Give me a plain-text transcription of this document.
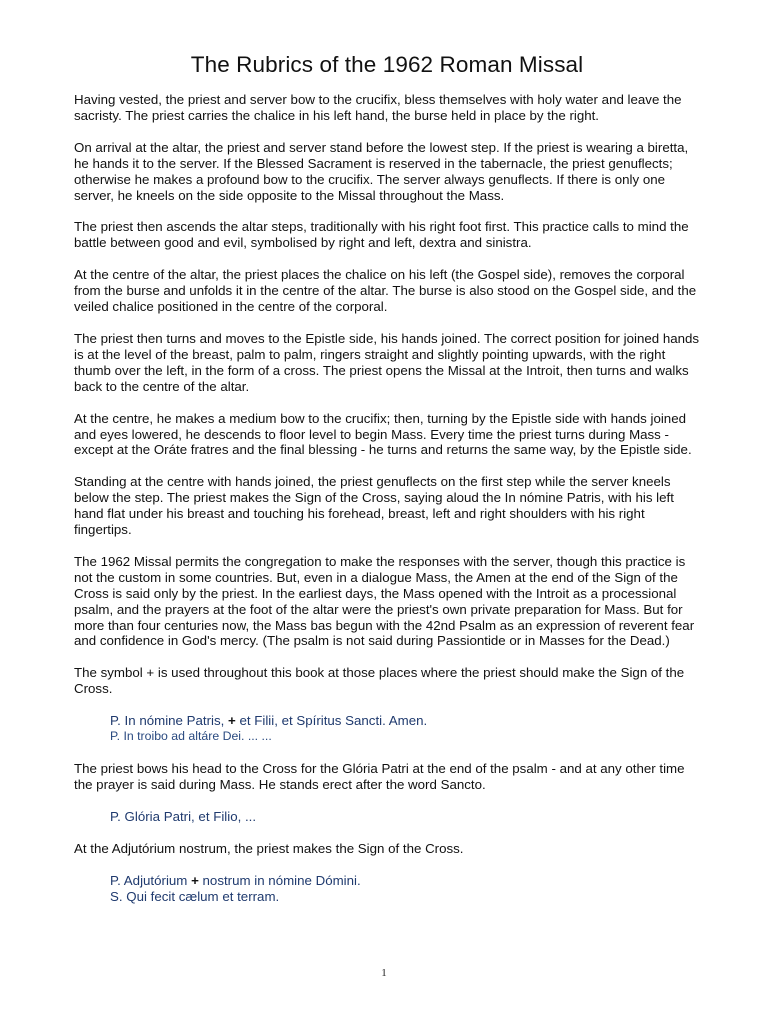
The Rubrics of the 1962 Roman Missal

Having vested, the priest and server bow to the crucifix, bless themselves with holy water and leave the sacristy. The priest carries the chalice in his left hand, the burse held in place by the right.

On arrival at the altar, the priest and server stand before the lowest step. If the priest is wearing a biretta, he hands it to the server. If the Blessed Sacrament is reserved in the tabernacle, the priest genuflects; otherwise he makes a profound bow to the crucifix. The server always genuflects. If there is only one server, he kneels on the side opposite to the Missal throughout the Mass.

The priest then ascends the altar steps, traditionally with his right foot first. This practice calls to mind the battle between good and evil, symbolised by right and left, dextra and sinistra.

At the centre of the altar, the priest places the chalice on his left (the Gospel side), removes the corporal from the burse and unfolds it in the centre of the altar. The burse is also stood on the Gospel side, and the veiled chalice positioned in the centre of the corporal.

The priest then turns and moves to the Epistle side, his hands joined. The correct position for joined hands is at the level of the breast, palm to palm, ringers straight and slightly pointing upwards, with the right thumb over the left, in the form of a cross. The priest opens the Missal at the Introit, then turns and walks back to the centre of the altar.

At the centre, he makes a medium bow to the crucifix; then, turning by the Epistle side with hands joined and eyes lowered, he descends to floor level to begin Mass. Every time the priest turns during Mass - except at the Oráte fratres and the final blessing - he turns and returns the same way, by the Epistle side.

Standing at the centre with hands joined, the priest genuflects on the first step while the server kneels below the step. The priest makes the Sign of the Cross, saying aloud the In nómine Patris, with his left hand flat under his breast and touching his forehead, breast, left and right shoulders with his right fingertips.

The 1962 Missal permits the congregation to make the responses with the server, though this practice is not the custom in some countries. But, even in a dialogue Mass, the Amen at the end of the Sign of the Cross is said only by the priest. In the earliest days, the Mass opened with the Introit as a processional psalm, and the prayers at the foot of the altar were the priest's own private preparation for Mass. But for more than four centuries now, the Mass bas begun with the 42nd Psalm as an expression of reverent fear and confidence in God's mercy. (The psalm is not said during Passiontide or in Masses for the Dead.)

The symbol + is used throughout this book at those places where the priest should make the Sign of the Cross.

P. In nómine Patris, + et Filii, et Spíritus Sancti. Amen.
P. In troibo ad altáre Dei. ... ...

The priest bows his head to the Cross for the Glória Patri at the end of the psalm - and at any other time the prayer is said during Mass. He stands erect after the word Sancto.

P. Glória Patri, et Filio, ...

At the Adjutórium nostrum, the priest makes the Sign of the Cross.

P. Adjutórium + nostrum in nómine Dómini.
S. Qui fecit cælum et terram.
1
